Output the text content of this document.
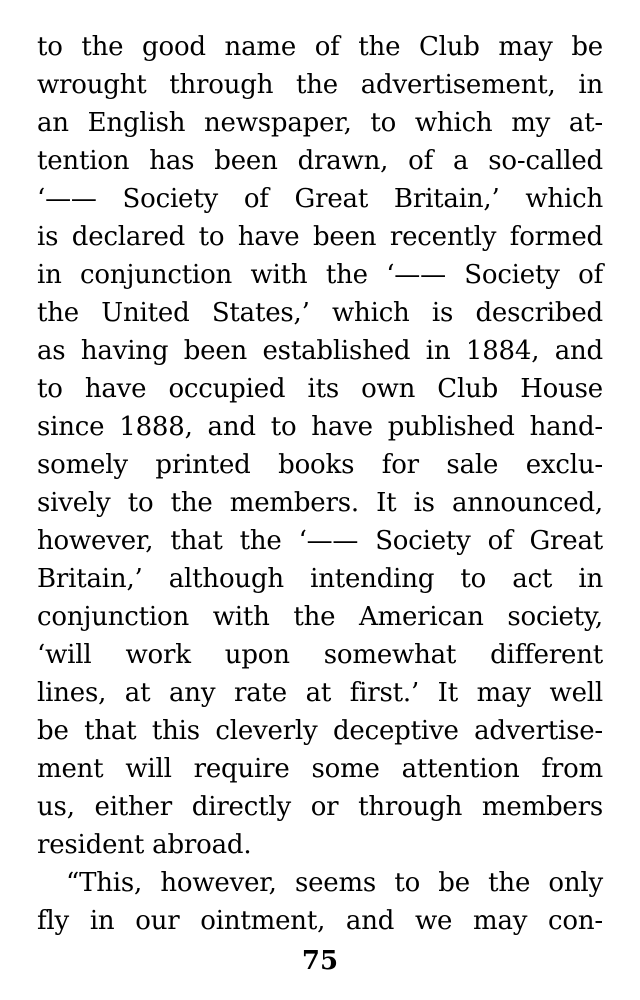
to the good name of the Club may be
wrought through the advertisement, in
an English newspaper, to which my at-
tention has been drawn, of a so-called
‘—— Society of Great Britain,’ which
is declared to have been recently formed
in conjunction with the ‘—— Society of
the United States,’ which is described
as having been established in 1884, and
to have occupied its own Club House
since 1888, and to have published hand-
somely printed books for sale exclu-
sively to the members. It is announced,
however, that the ‘—— Society of Great
Britain,’ although intending to act in
conjunction with the American society,
‘will work upon somewhat different
lines, at any rate at first.’ It may well
be that this cleverly deceptive advertise-
ment will require some attention from
us, either directly or through members
resident abroad.
“This, however, seems to be the only
fly in our ointment, and we may con-
75
